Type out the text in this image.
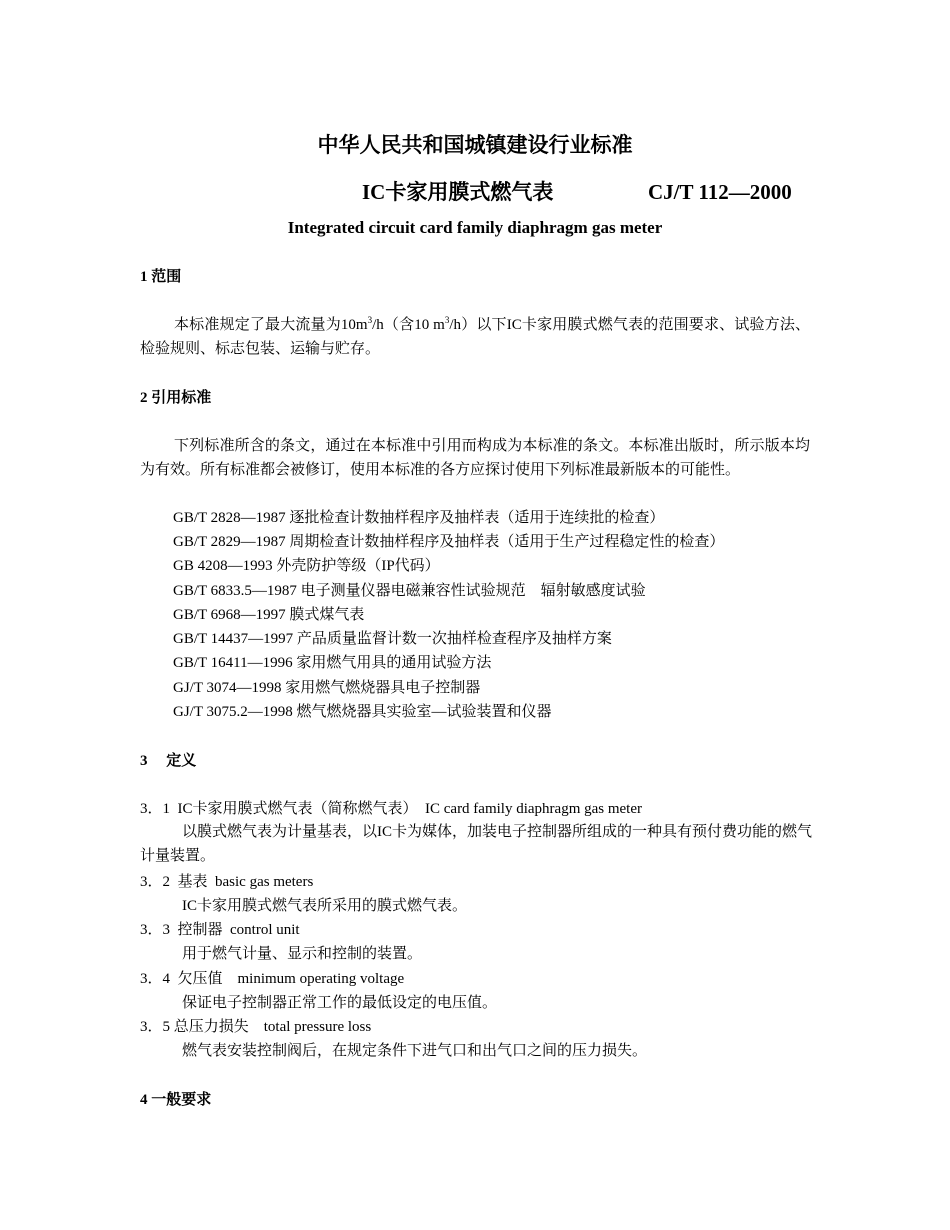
中华人民共和国城镇建设行业标准
IC卡家用膜式燃气表	CJ/T 112—2000
Integrated circuit card family diaphragm gas meter
1 范围
本标准规定了最大流量为$10m^3/h$（含10 $m^3/h$）以下IC卡家用膜式燃气表的范围要求、试验方法、检验规则、标志包装、运输与贮存。
2 引用标准
下列标准所含的条文，通过在本标准中引用而构成为本标准的条文。本标准出版时，所示版本均为有效。所有标准都会被修订，使用本标准的各方应探讨使用下列标准最新版本的可能性。
GB/T 2828—1987 逐批检查计数抽样程序及抽样表（适用于连续批的检查）
GB/T 2829—1987 周期检查计数抽样程序及抽样表（适用于生产过程稳定性的检查）
GB 4208—1993 外壳防护等级（IP代码）
GB/T 6833.5—1987 电子测量仪器电磁兼容性试验规范    辐射敏感度试验
GB/T 6968—1997 膜式煤气表
GB/T 14437—1997 产品质量监督计数一次抽样检查程序及抽样方案
GB/T 16411—1996 家用燃气用具的通用试验方法
GJ/T 3074—1998 家用燃气燃烧器具电子控制器
GJ/T 3075.2—1998 燃气燃烧器具实验室—试验装置和仪器
3     定义
3．1  IC卡家用膜式燃气表（简称燃气表）  IC card family diaphragm gas meter
以膜式燃气表为计量基表，以IC卡为媒体，加装电子控制器所组成的一种具有预付费功能的燃气计量装置。
3．2  基表  basic gas meters
IC卡家用膜式燃气表所采用的膜式燃气表。
3．3  控制器  control unit
用于燃气计量、显示和控制的装置。
3．4  欠压值    minimum operating voltage
保证电子控制器正常工作的最低设定的电压值。
3．5 总压力损失    total pressure loss
燃气表安装控制阀后，在规定条件下进气口和出气口之间的压力损失。
4 一般要求
